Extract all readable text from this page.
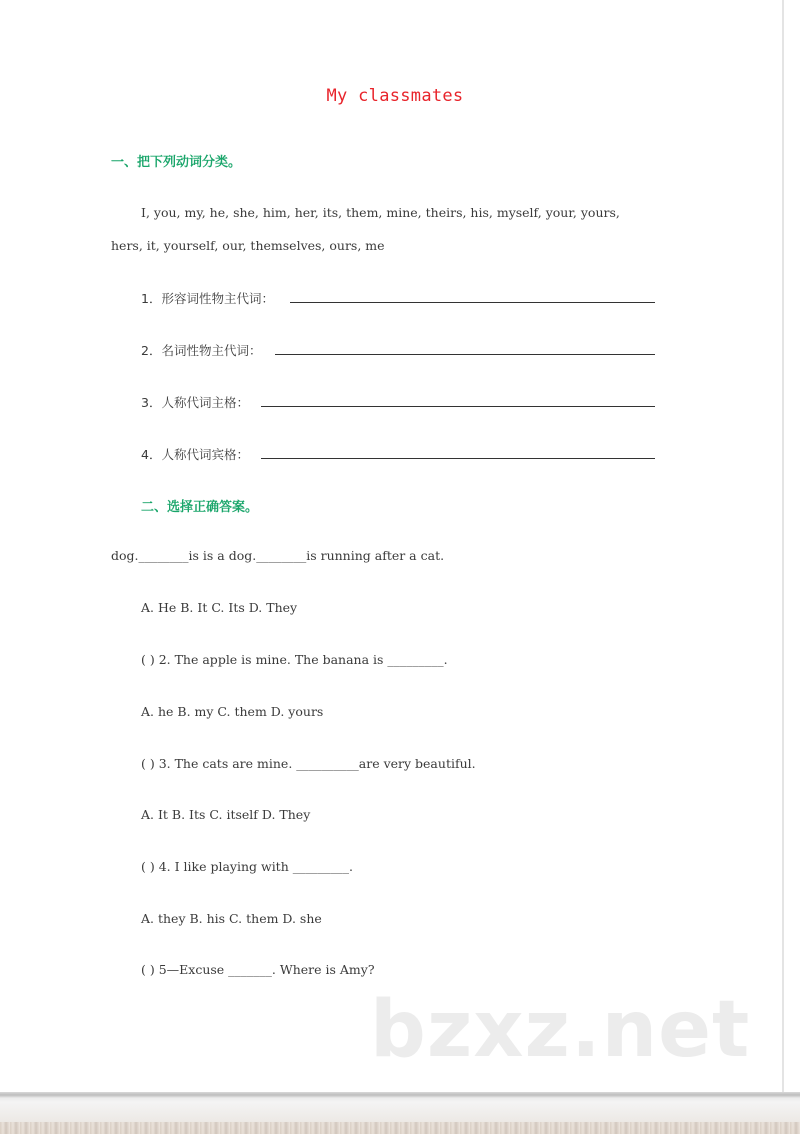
My classmates
一、把下列动词分类。
I, you, my, he, she, him, her, its, them, mine, theirs, his, myself, your, yours,
hers, it, yourself, our, themselves, ours, me
1．形容词性物主代词：
2．名词性物主代词：
3．人称代词主格：
4．人称代词宾格：
二、选择正确答案。
dog.________is is a dog.________is running after a cat.
A. He B. It C. Its D. They
( ) 2. The apple is mine. The banana is _________.
A. he B. my C. them D. yours
( ) 3. The cats are mine. __________are very beautiful.
A. It B. Its C. itself D. They
( ) 4. I like playing with _________.
A. they B. his C. them D. she
( ) 5—Excuse _______. Where is Amy?
bzxz.net
